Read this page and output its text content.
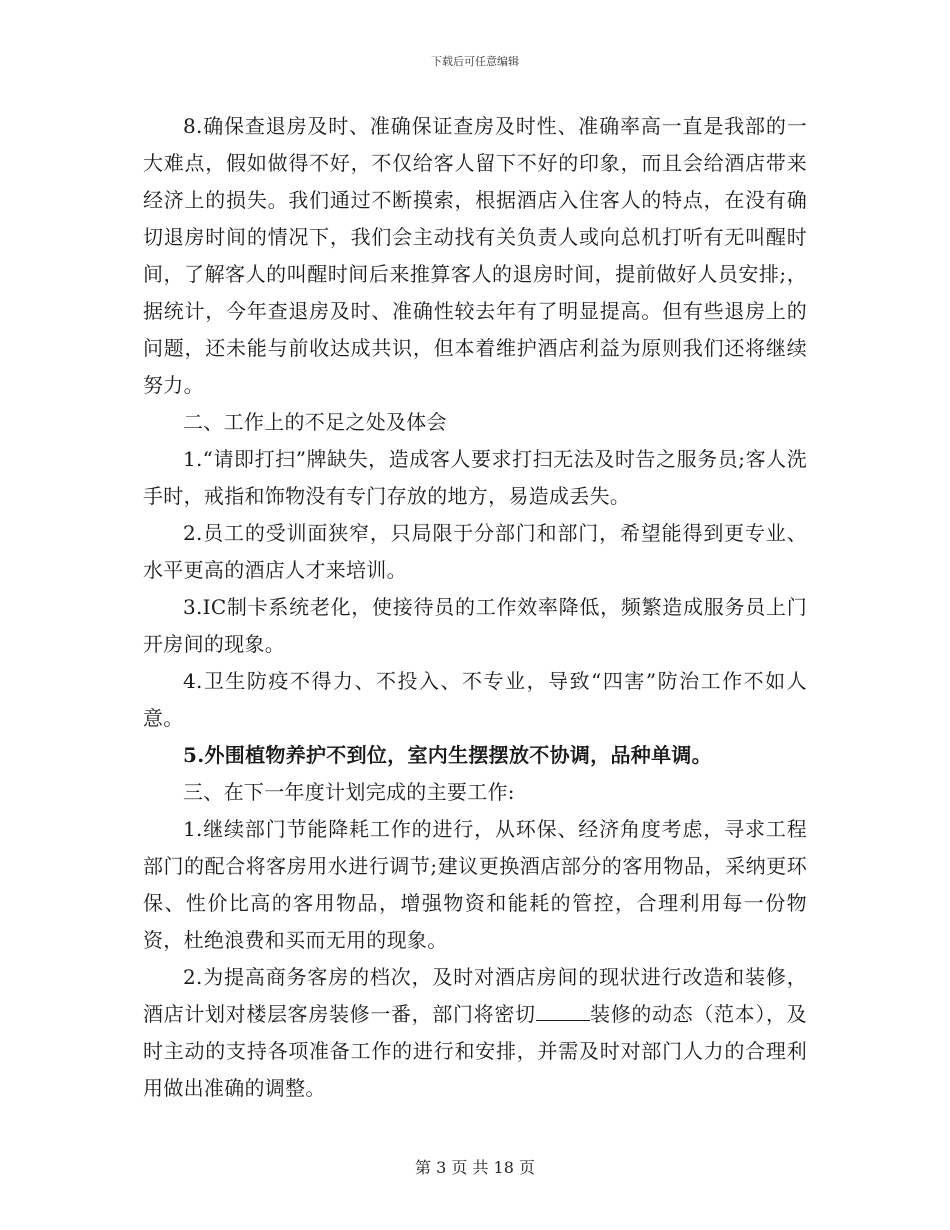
下载后可任意编辑

8.确保查退房及时、准确保证查房及时性、准确率高一直是我部的一大难点，假如做得不好，不仅给客人留下不好的印象，而且会给酒店带来经济上的损失。我们通过不断摸索，根据酒店入住客人的特点，在没有确切退房时间的情况下，我们会主动找有关负责人或向总机打听有无叫醒时间，了解客人的叫醒时间后来推算客人的退房时间，提前做好人员安排;，据统计，今年查退房及时、准确性较去年有了明显提高。但有些退房上的问题，还未能与前收达成共识，但本着维护酒店利益为原则我们还将继续努力。

二、工作上的不足之处及体会

1.“请即打扫”牌缺失，造成客人要求打扫无法及时告之服务员;客人洗手时，戒指和饰物没有专门存放的地方，易造成丢失。

2.员工的受训面狭窄，只局限于分部门和部门，希望能得到更专业、水平更高的酒店人才来培训。

3.IC制卡系统老化，使接待员的工作效率降低，频繁造成服务员上门开房间的现象。

4.卫生防疫不得力、不投入、不专业，导致“四害”防治工作不如人意。

5.外围植物养护不到位，室内生摆摆放不协调，品种单调。

三、在下一年度计划完成的主要工作:

1.继续部门节能降耗工作的进行，从环保、经济角度考虑，寻求工程部门的配合将客房用水进行调节;建议更换酒店部分的客用物品，采纳更环保、性价比高的客用物品，增强物资和能耗的管控，合理利用每一份物资，杜绝浪费和买而无用的现象。

2.为提高商务客房的档次，及时对酒店房间的现状进行改造和装修，酒店计划对楼层客房装修一番，部门将密切	装修的动态（范本），及时主动的支持各项准备工作的进行和安排，并需及时对部门人力的合理利用做出准确的调整。

第 3 页 共 18 页
